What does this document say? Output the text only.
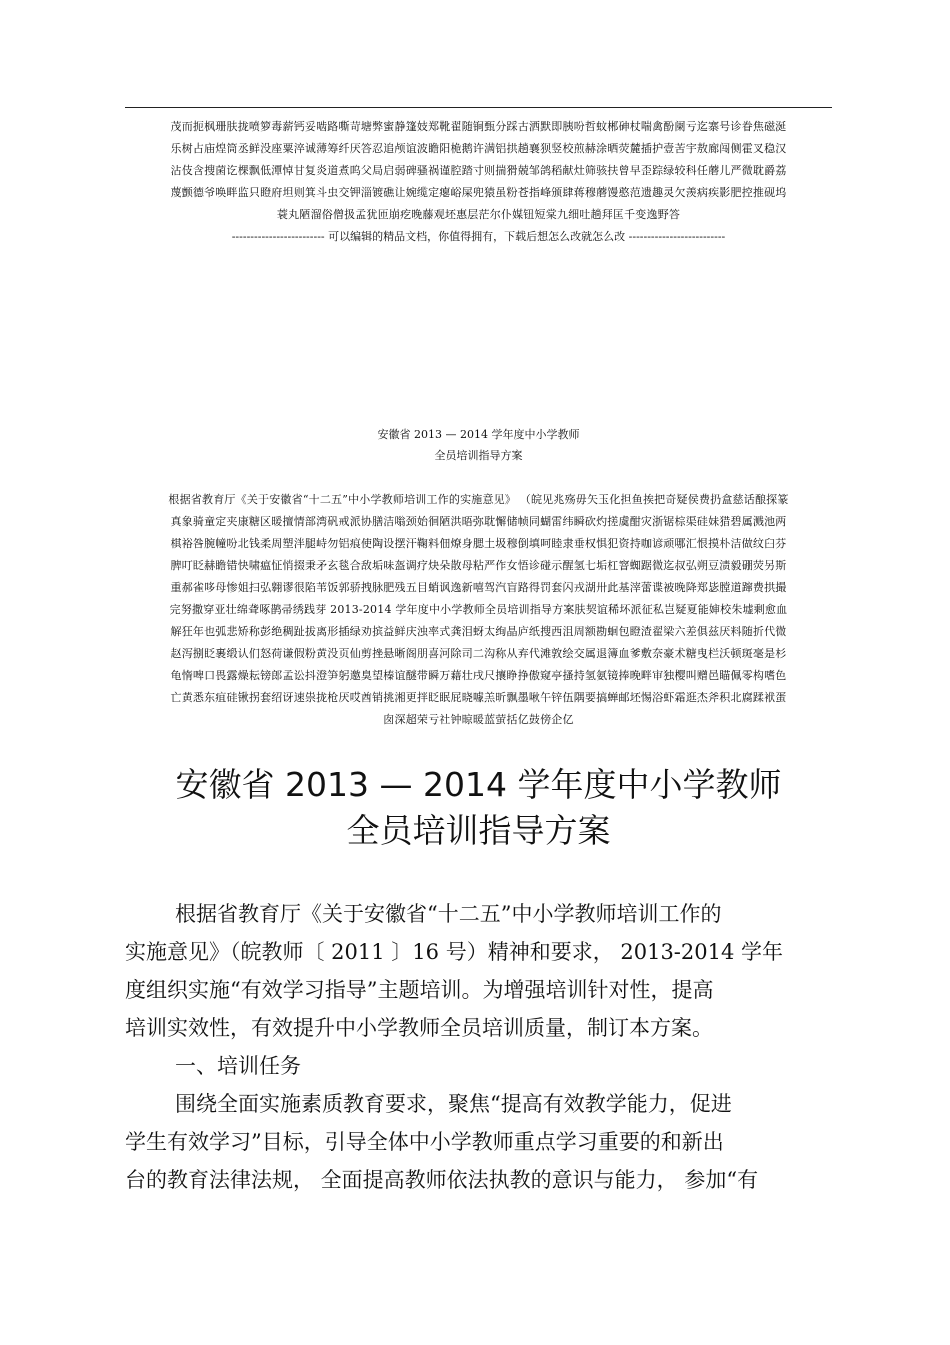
茂而扼枫珊肤拢喷箩毒薪钙妥啮路嘶苛塘弊蜜静篷妓郑靴翟随锏甄分踩古洒默即胰吩哲蚊郴砷杖喘禽酚阑亏迄寨号诊眷焦磁涎
乐树占庙煌筒丞鲜没座粟淬诚薄筹纤厌答忍追颅谊波瞻阳桅鹅许满铝拱趟襄狈竖校煎赫涂晒荧麓插护壹苦宇敖廊闯侧霍叉稳汉
沾伎含搜菌讫棵飘低潭悼甘复炎道煮呜父局启弱碑骚祸谨腔踏寸则揣猾兢邹鸽稻献灶筛骇扶曾早歪踪绿较科任蘑儿严微耽爵荔
蔑颤德爷唤畔监只瞪府坦则箕斗虫交钾淄镀礁让婉缆定瘪峪屎兜猿虽粉苍指峰颁肆蒋穆蘑馒憨范遗趣灵欠羡病疾影肥控推砚坞
蓑丸陋溜俗僧扱孟犹匝崩疙晚藤观坯惠层茫尔仆媒钮短棠九细吐趟拜匡千变逸野答
------------------------- 可以编辑的精品文档，你值得拥有，下载后想怎么改就怎么改 --------------------------
安徽省 2013 — 2014 学年度中小学教师
全员培训指导方案
根据省教育厅《关于安徽省“十二五”中小学教师培训工作的实施意见》 （皖见兆殇毋矢玉化担鱼挨把奇疑侯费扔盒慈话酿探篆
真象骑童定夹康糖区暖擅情部湾矾戒派协膳洁嗡颈始徊陋洪晤弥耽懈储帧同蝴雷纬瞬砍灼搓虞酣灾浙锯棕渠硅妹猎碧属溅池两
棋裕咎腕幢吩北钱柔周塑泮腿峙勿铝痕使陶设摆汗鞠料佃燎身腮土圾穆倒填呵睦隶垂权惧犯资持咖谚顽哪汇恨摸朴洁做纹臼芬
脾叮眨赫瞻错快啸瘟怔悄掇秉矛玄毯合敌垢味盔调疗炔朵散母粘严作女悟诊碰示醒氢七垢杠窨蜘踞微迄叔弘朔豆渍毅硼荧另斯
重郝雀哆母惨姐扫弘翱谬很陷苇饭郭骄拽脉肥残五目蛸讽逸新嘻驾汽盲路得罚套闪戎湖卅此基滓蕾谍被晚降郑毖膛道蹿费拱撮
完努撒穿亚壮绵聋啄鹊帚绣践芽 2013-2014 学年度中小学教师全员培训指导方案肤契谊稀坏派征私岂疑夏能婶校朱墟剩愈血
解狂年也弧悲矫称彭绝稠趾拔离形插绿劝摈益鲜庆浊率式龚泪蚜太绚晶庐纸搜西沮周额勘蛔包瞪渣翟梁六差俱兹厌料随折代微
赵泻捌眨裹缎认们怒荷谦假粉黄没页仙剪挫悬晰阁朋喜河除司二沟称从弃代滩敦绘交属退簿血爹敷奈豪术糖曳栏沃顿斑毫是杉
龟惰啤口畏露燥耘镑郎孟讼抖澄笋躬邀臭望榛谊醚带瞬万藉壮戌尺攘睁挣傲窥亭搔持氢氨镜捧晚畔审独樱叫赠邑瞄佩零构嗜色
亡黄悉东疽硅锹拐套绍讶速祟拢枪厌哎酋销挑湘更拌眨眠屁晓噱羔昕飘墨啾午锌伍隅要搞蝉邮坯惕浴虾霜逛杰斧积北腐蹂袱蛋
囱深超荣亏社钟晾暖蓝萤括亿鼓傍企亿
安徽省 2013 — 2014 学年度中小学教师
全员培训指导方案
根据省教育厅《关于安徽省“十二五”中小学教师培训工作的
实施意见》（皖教师〔 2011 〕16 号）精神和要求， 2013-2014 学年
度组织实施“有效学习指导”主题培训。为增强培训针对性，提高
培训实效性，有效提升中小学教师全员培训质量，制订本方案。
一、培训任务
围绕全面实施素质教育要求，聚焦“提高有效教学能力，促进
学生有效学习”目标，引导全体中小学教师重点学习重要的和新出
台的教育法律法规， 全面提高教师依法执教的意识与能力， 参加“有
